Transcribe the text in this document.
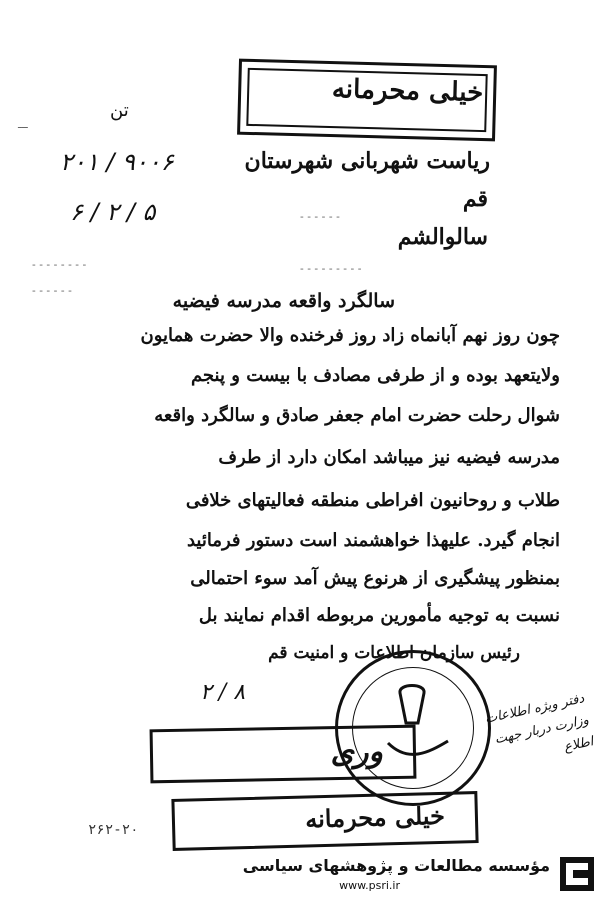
ـــ
تن
خیلی محرمانه
۲۰۱ / ۹۰۰۶
۶ / ۲ / ۵
ریاست شهربانی شهرستان
قم
سالوالشم
- - - - - -
- - - - - - - - -
- - - - - - - -
- - - - - -	سالگرد واقعه مدرسه فیضیه
چون روز نهم آبانماه زاد روز فرخنده والا حضرت همایون
ولایتعهد بوده و از طرفی مصادف با بیست و پنجم
شوال رحلت حضرت امام جعفر صادق و سالگرد واقعه
مدرسه فیضیه نیز میباشد امکان دارد از طرف
طلاب و روحانیون افراطی منطقه فعالیتهای خلافی
انجام گیرد. علیهذا خواهشمند است دستور فرمائید
بمنظور پیشگیری از هرنوع پیش آمد سوء احتمالی
نسبت به توجیه مأمورین مربوطه اقدام نمایند بل
رئیس سازمان اطلاعات و امنیت قم
۲ / ۸	دفتر ویژه اطلاعات وزارت دربار جهت اطلاع
وری
خیلی محرمانه
۲۶۲-۲۰
مؤسسه مطالعات و پژوهشهای سیاسی
www.psri.ir
